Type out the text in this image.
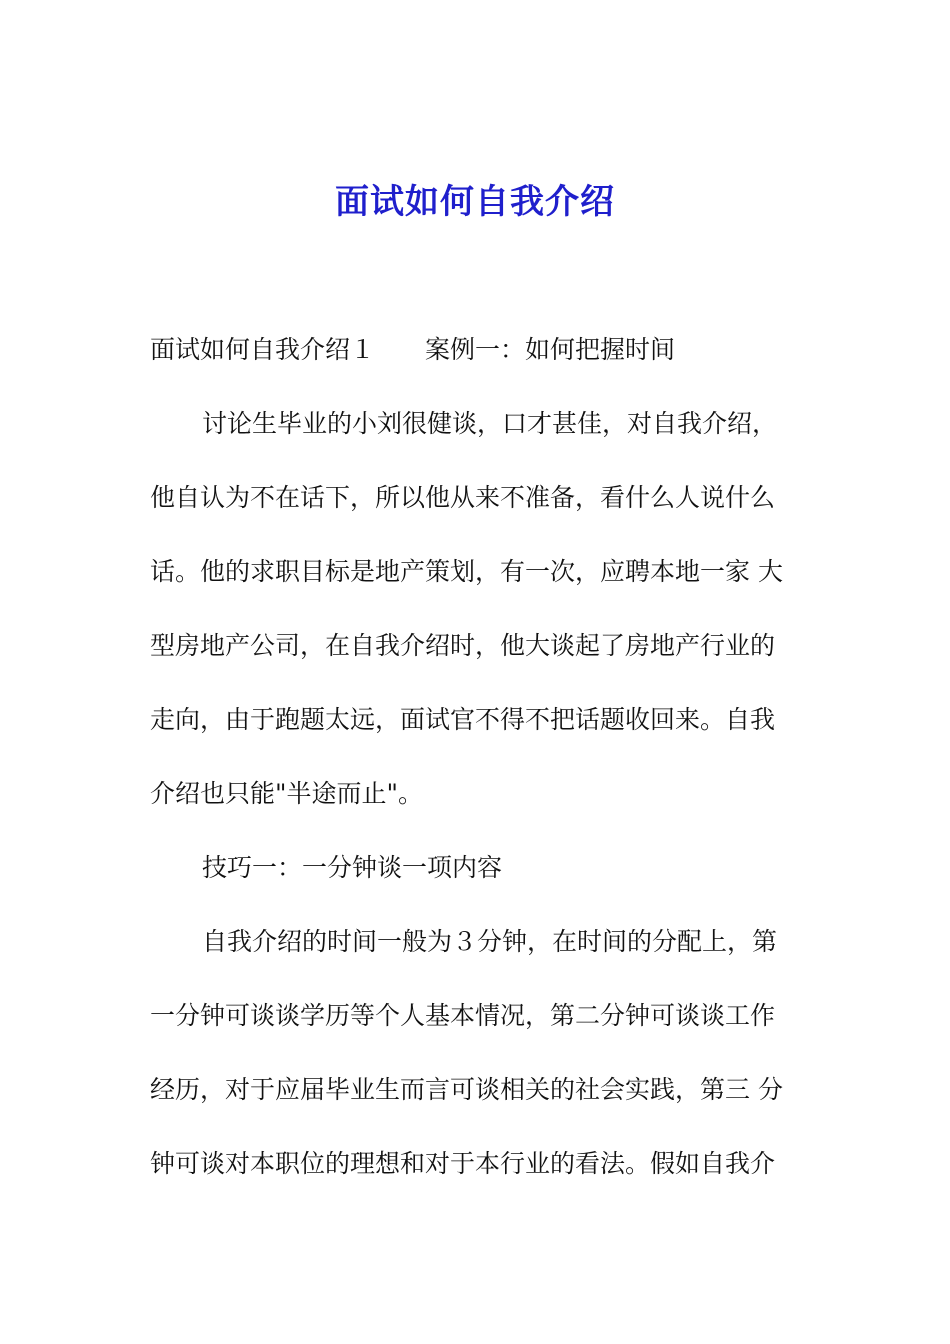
面试如何自我介绍
面试如何自我介绍１ 案例一：如何把握时间
讨论生毕业的小刘很健谈，口才甚佳，对自我介绍，
他自认为不在话下，所以他从来不准备，看什么人说什么
话。他的求职目标是地产策划，有一次，应聘本地一家 大
型房地产公司，在自我介绍时，他大谈起了房地产行业的
走向，由于跑题太远，面试官不得不把话题收回来。自我
介绍也只能"半途而止"。
技巧一：一分钟谈一项内容
自我介绍的时间一般为３分钟，在时间的分配上，第
一分钟可谈谈学历等个人基本情况，第二分钟可谈谈工作
经历，对于应届毕业生而言可谈相关的社会实践，第三 分
钟可谈对本职位的理想和对于本行业的看法。假如自我介
